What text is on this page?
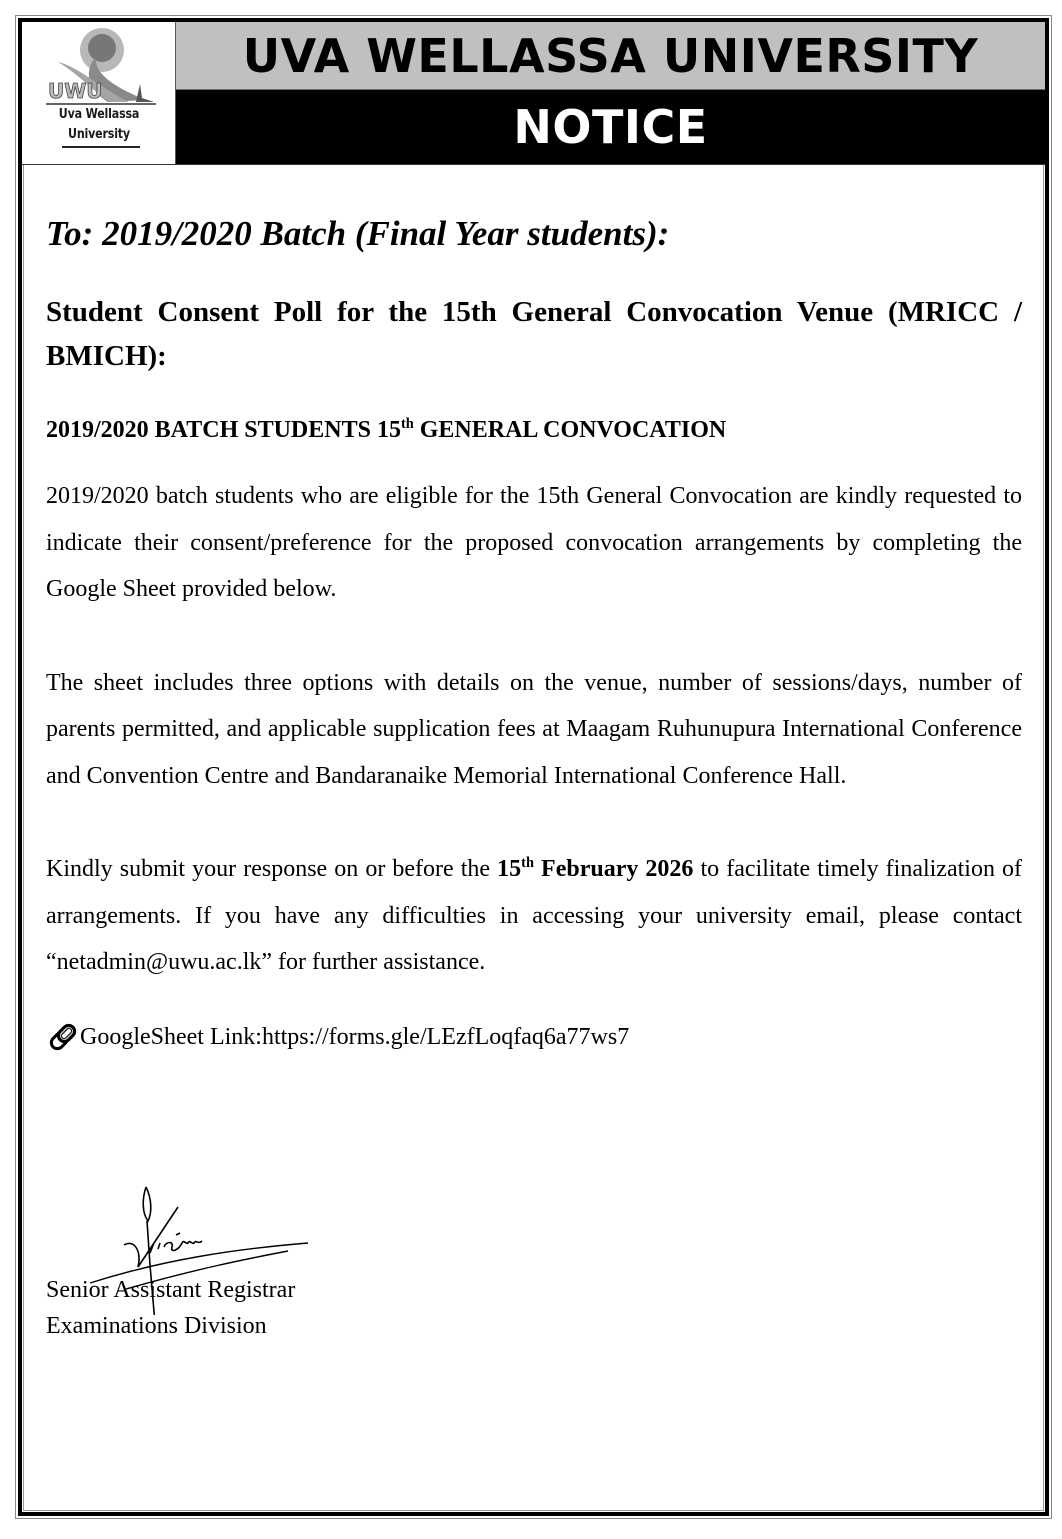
UWU
Uva Wellassa
University
UVA WELLASSA UNIVERSITY
NOTICE

To: 2019/2020 Batch (Final Year students):

Student Consent Poll for the 15th General Convocation Venue (MRICC / BMICH):

2019/2020 BATCH STUDENTS 15th GENERAL CONVOCATION

2019/2020 batch students who are eligible for the 15th General Convocation are kindly requested to indicate their consent/preference for the proposed convocation arrangements by completing the Google Sheet provided below.

The sheet includes three options with details on the venue, number of sessions/days, number of parents permitted, and applicable supplication fees at Maagam Ruhunupura International Conference and Convention Centre and Bandaranaike Memorial International Conference Hall.

Kindly submit your response on or before the 15th February 2026 to facilitate timely finalization of arrangements. If you have any difficulties in accessing your university email, please contact “netadmin@uwu.ac.lk” for further assistance.

GoogleSheet Link: https://forms.gle/LEzfLoqfaq6a77ws7
Senior Assistant Registrar
Examinations Division
